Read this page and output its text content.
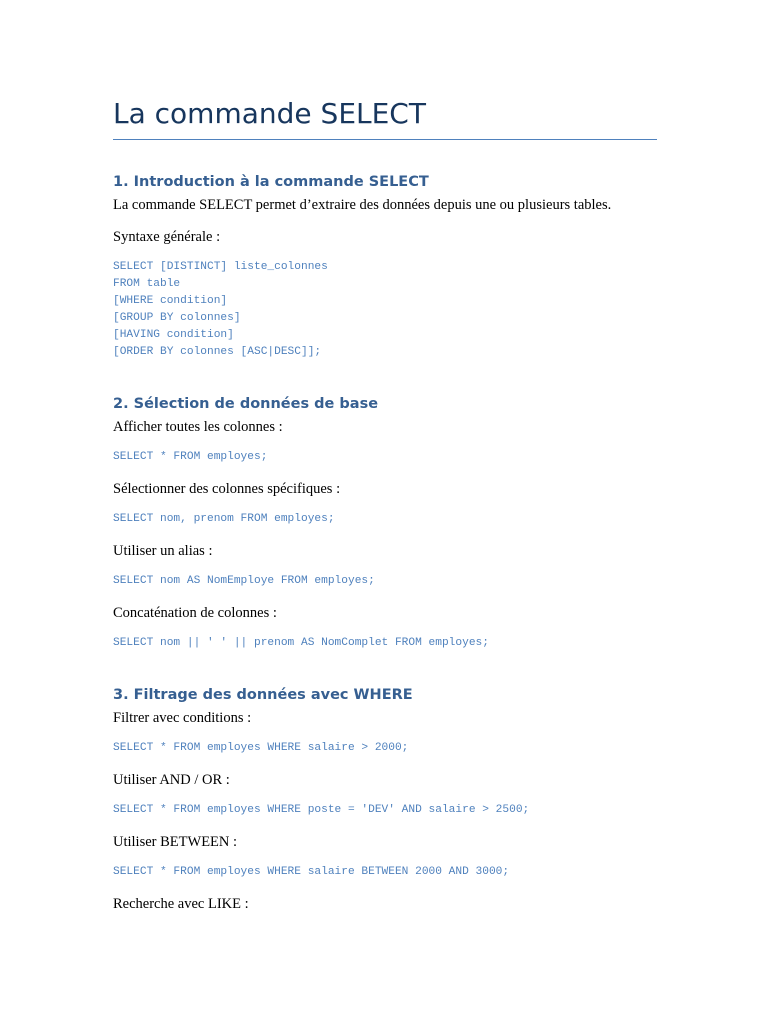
La commande SELECT
1. Introduction à la commande SELECT

La commande SELECT permet d’extraire des données depuis une ou plusieurs tables.

Syntaxe générale :

SELECT [DISTINCT] liste_colonnes

FROM table

[WHERE condition]

[GROUP BY colonnes]

[HAVING condition]

[ORDER BY colonnes [ASC|DESC]];

2. Sélection de données de base

Afficher toutes les colonnes :

SELECT * FROM employes;

Sélectionner des colonnes spécifiques :

SELECT nom, prenom FROM employes;

Utiliser un alias :

SELECT nom AS NomEmploye FROM employes;

Concaténation de colonnes :

SELECT nom || ' ' || prenom AS NomComplet FROM employes;

3. Filtrage des données avec WHERE

Filtrer avec conditions :

SELECT * FROM employes WHERE salaire > 2000;

Utiliser AND / OR :

SELECT * FROM employes WHERE poste = 'DEV' AND salaire > 2500;

Utiliser BETWEEN :

SELECT * FROM employes WHERE salaire BETWEEN 2000 AND 3000;

Recherche avec LIKE :
